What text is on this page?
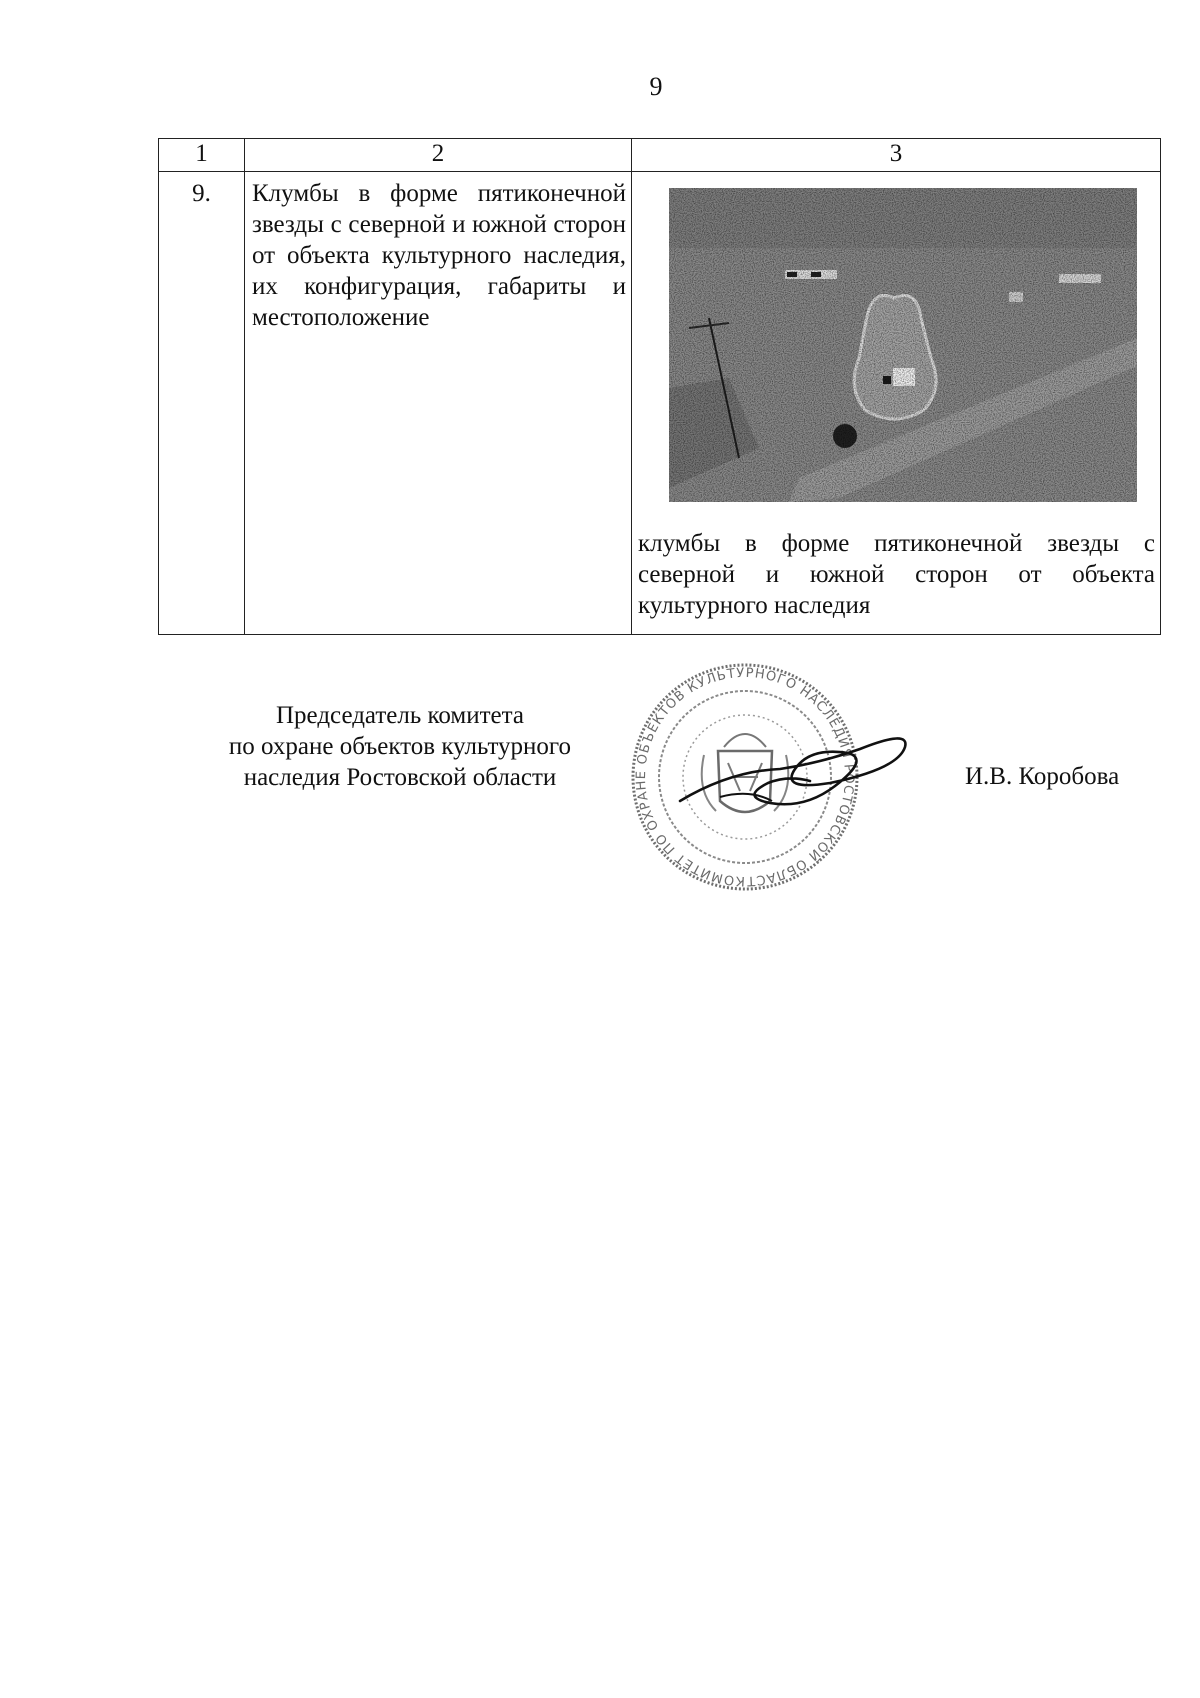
9
1	2	3
9.	Клумбы в форме пятиконечной звезды с северной и южной сторон от объекта культурного наследия, их конфигурация, габариты и местоположение	клумбы в форме пятиконечной звезды с северной и южной сторон от объекта культурного наследия
Председатель комитета
по охране объектов культурного
наследия Ростовской области
КОМИТЕТ ПО ОХРАНЕ ОБЪЕКТОВ КУЛЬТУРНОГО НАСЛЕДИЯ РОСТОВСКОЙ ОБЛАСТ
И.В. Коробова
